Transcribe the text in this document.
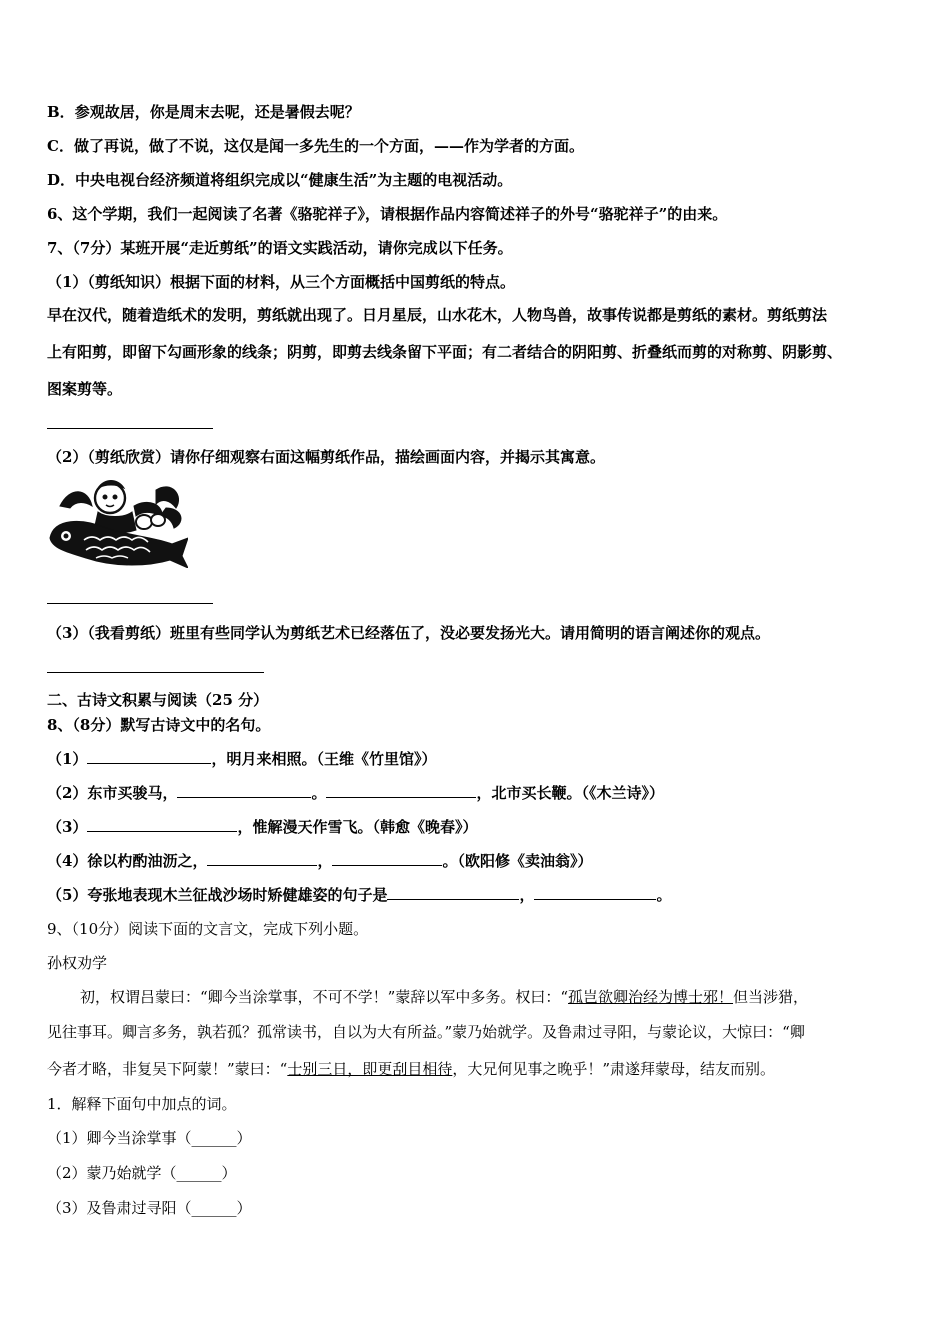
B．参观故居，你是周末去呢，还是暑假去呢？
C．做了再说，做了不说，这仅是闻一多先生的一个方面，——作为学者的方面。
D．中央电视台经济频道将组织完成以“健康生活”为主题的电视活动。
6、这个学期，我们一起阅读了名著《骆驼祥子》，请根据作品内容简述祥子的外号“骆驼祥子”的由来。
7、（7分）某班开展“走近剪纸”的语文实践活动，请你完成以下任务。
（1）（剪纸知识）根据下面的材料，从三个方面概括中国剪纸的特点。
早在汉代，随着造纸术的发明，剪纸就出现了。日月星辰，山水花木，人物鸟兽，故事传说都是剪纸的素材。剪纸剪法
上有阳剪，即留下勾画形象的线条；阴剪，即剪去线条留下平面；有二者结合的阴阳剪、折叠纸而剪的对称剪、阴影剪、
图案剪等。
（2）（剪纸欣赏）请你仔细观察右面这幅剪纸作品，描绘画面内容，并揭示其寓意。
（3）（我看剪纸）班里有些同学认为剪纸艺术已经落伍了，没必要发扬光大。请用简明的语言阐述你的观点。
二、古诗文积累与阅读（25 分）
8、（8分）默写古诗文中的名句。
（1）	，明月来相照。（王维《竹里馆》）
（2）东市买骏马，	。	，北市买长鞭。（《木兰诗》）
（3）	，惟解漫天作雪飞。（韩愈《晚春》）
（4）徐以杓酌油沥之，	，	。（欧阳修《卖油翁》）
（5）夸张地表现木兰征战沙场时矫健雄姿的句子是	，	。
9、（10分）阅读下面的文言文，完成下列小题。
孙权劝学
初，权谓吕蒙曰：“卿今当涂掌事，不可不学！”蒙辞以军中多务。权曰：“孤岂欲卿治经为博士邪！但当涉猎，
见往事耳。卿言多务，孰若孤？孤常读书，自以为大有所益。”蒙乃始就学。及鲁肃过寻阳，与蒙论议，大惊曰：“卿
今者才略，非复吴下阿蒙！”蒙曰：“士别三日，即更刮目相待，大兄何见事之晚乎！”肃遂拜蒙母，结友而别。
1．解释下面句中加点的词。
（1）卿今当涂掌事（______）
（2）蒙乃始就学（______）
（3）及鲁肃过寻阳（______）
